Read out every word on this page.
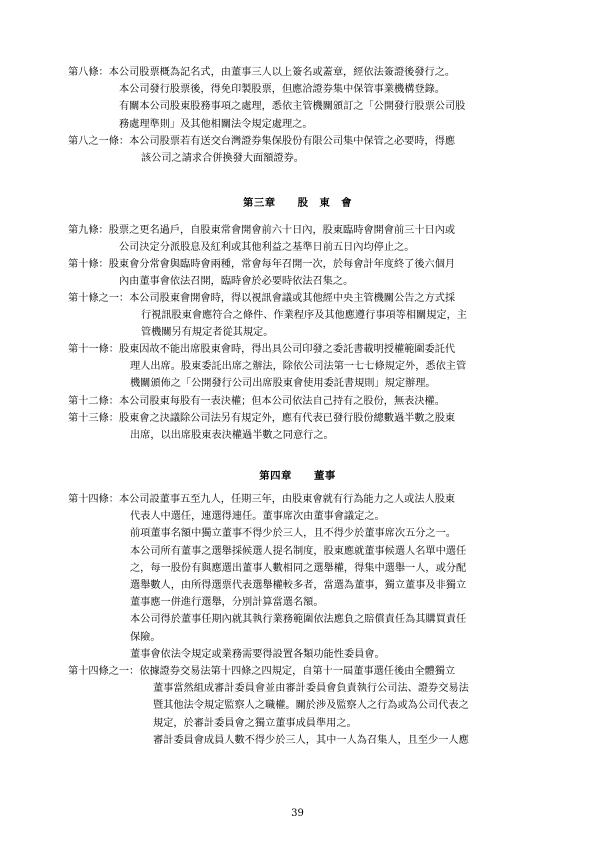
第八條：本公司股票概為記名式，由董事三人以上簽名或蓋章，經依法簽證後發行之。
本公司發行股票後，得免印製股票，但應洽證券集中保管事業機構登錄。
有關本公司股東股務事項之處理，悉依主管機關頒訂之「公開發行股票公司股
務處理準則」及其他相關法令規定處理之。
第八之一條：本公司股票若有送交台灣證券集保股份有限公司集中保管之必要時，得應
該公司之請求合併換發大面額證券。
第三章 股　東　會
第九條：股票之更名過戶，自股東常會開會前六十日內，股東臨時會開會前三十日內或
公司決定分派股息及紅利或其他利益之基準日前五日內均停止之。
第十條：股東會分常會與臨時會兩種，常會每年召開一次，於每會計年度終了後六個月
內由董事會依法召開，臨時會於必要時依法召集之。
第十條之一：本公司股東會開會時，得以視訊會議或其他經中央主管機關公告之方式採
行視訊股東會應符合之條件、作業程序及其他應遵行事項等相關規定，主
管機關另有規定者從其規定。
第十一條：股東因故不能出席股東會時，得出具公司印發之委託書載明授權範圍委託代
理人出席。股東委託出席之辦法，除依公司法第一七七條規定外，悉依主管
機關頒佈之「公開發行公司出席股東會使用委託書規則」規定辦理。
第十二條：本公司股東每股有一表決權；但本公司依法自己持有之股份，無表決權。
第十三條：股東會之決議除公司法另有規定外，應有代表已發行股份總數過半數之股東
出席，以出席股東表決權過半數之同意行之。
第四章 董事
第十四條：本公司設董事五至九人，任期三年，由股東會就有行為能力之人或法人股東
代表人中選任，連選得連任。董事席次由董事會議定之。
前項董事名額中獨立董事不得少於三人，且不得少於董事席次五分之一。
本公司所有董事之選舉採候選人提名制度，股東應就董事候選人名單中選任
之，每一股份有與應選出董事人數相同之選舉權，得集中選舉一人，或分配
選舉數人，由所得選票代表選舉權較多者，當選為董事，獨立董事及非獨立
董事應一併進行選舉，分別計算當選名額。
本公司得於董事任期內就其執行業務範圍依法應負之賠償責任為其購買責任
保險。
董事會依法令規定或業務需要得設置各類功能性委員會。
第十四條之一：依據證券交易法第十四條之四規定，自第十一屆董事選任後由全體獨立
董事當然組成審計委員會並由審計委員會負責執行公司法、證券交易法
暨其他法令規定監察人之職權。關於涉及監察人之行為或為公司代表之
規定，於審計委員會之獨立董事成員準用之。
審計委員會成員人數不得少於三人，其中一人為召集人，且至少一人應
39
